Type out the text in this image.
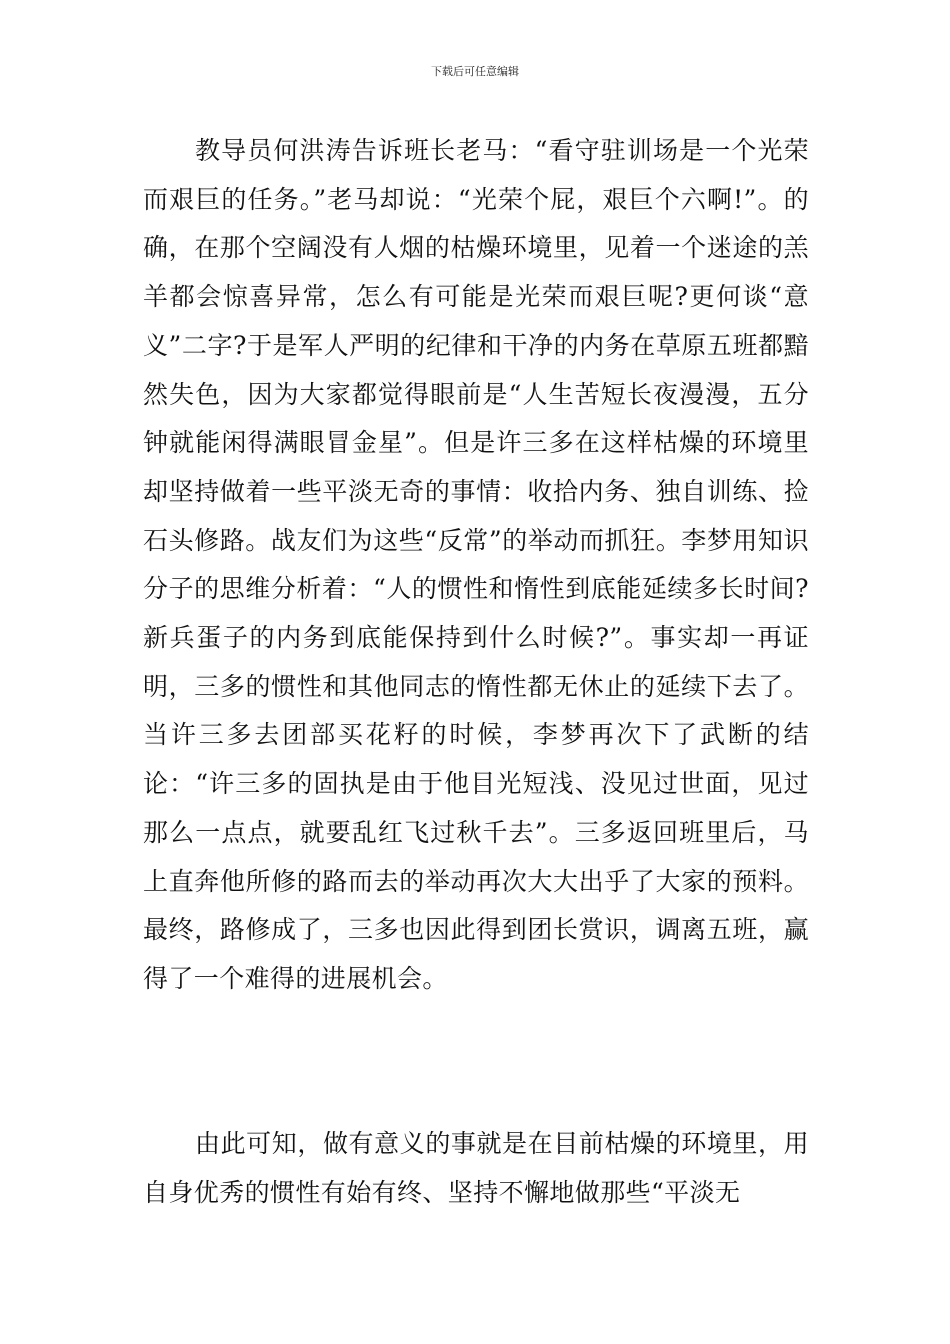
下载后可任意编辑

教导员何洪涛告诉班长老马：“看守驻训场是一个光荣而艰巨的任务。”老马却说：“光荣个屁，艰巨个六啊!”。的确，在那个空阔没有人烟的枯燥环境里，见着一个迷途的羔羊都会惊喜异常，怎么有可能是光荣而艰巨呢?更何谈“意义”二字?于是军人严明的纪律和干净的内务在草原五班都黯然失色，因为大家都觉得眼前是“人生苦短长夜漫漫，五分钟就能闲得满眼冒金星”。但是许三多在这样枯燥的环境里却坚持做着一些平淡无奇的事情：收拾内务、独自训练、捡石头修路。战友们为这些“反常”的举动而抓狂。李梦用知识分子的思维分析着：“人的惯性和惰性到底能延续多长时间?新兵蛋子的内务到底能保持到什么时候?”。事实却一再证明，三多的惯性和其他同志的惰性都无休止的延续下去了。当许三多去团部买花籽的时候，李梦再次下了武断的结论：“许三多的固执是由于他目光短浅、没见过世面，见过那么一点点，就要乱红飞过秋千去”。三多返回班里后，马上直奔他所修的路而去的举动再次大大出乎了大家的预料。最终，路修成了，三多也因此得到团长赏识，调离五班，赢得了一个难得的进展机会。

由此可知，做有意义的事就是在目前枯燥的环境里，用自身优秀的惯性有始有终、坚持不懈地做那些“平淡无
